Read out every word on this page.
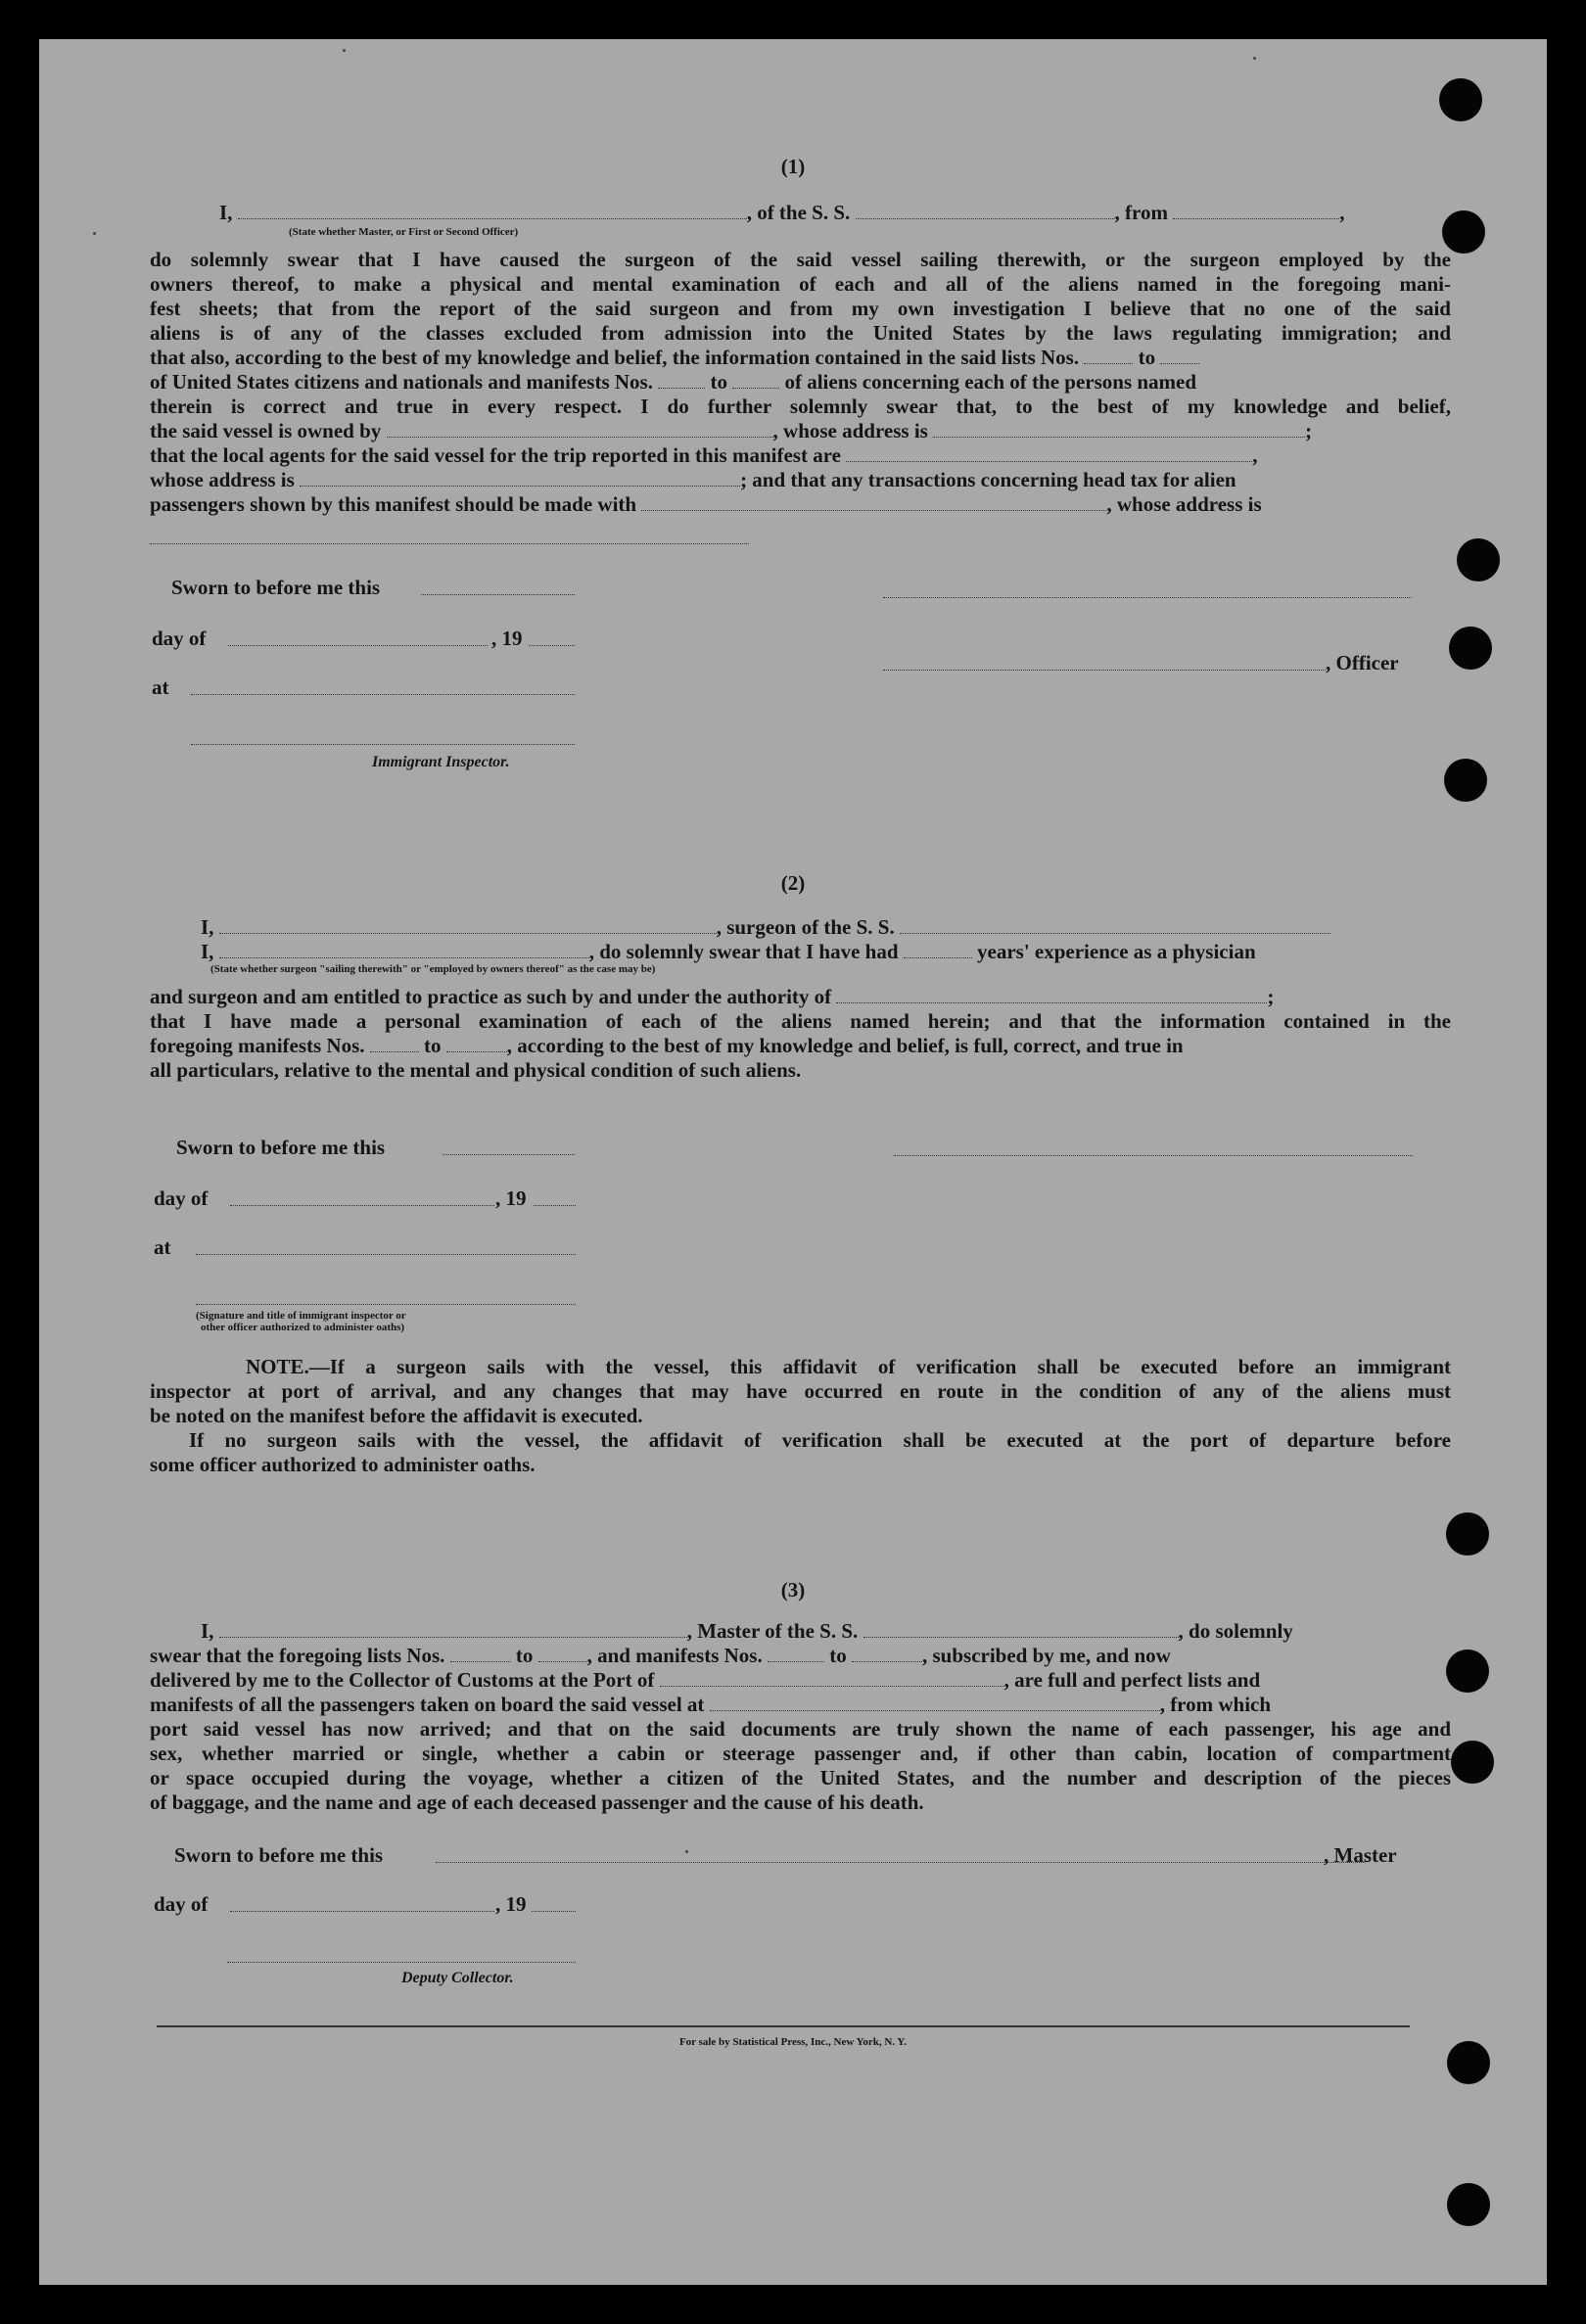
(1)
I,	, of the S. S.	, from	,
(State whether Master, or First or Second Officer)
do solemnly swear that I have caused the surgeon of the said vessel sailing therewith, or the surgeon employed by the
owners thereof, to make a physical and mental examination of each and all of the aliens named in the foregoing mani-
fest sheets; that from the report of the said surgeon and from my own investigation I believe that no one of the said
aliens is of any of the classes excluded from admission into the United States by the laws regulating immigration; and
that also, according to the best of my knowledge and belief, the information contained in the said lists Nos.	to
of United States citizens and nationals and manifests Nos.	to	of aliens concerning each of the persons named
therein is correct and true in every respect. I do further solemnly swear that, to the best of my knowledge and belief,
the said vessel is owned by	, whose address is	;
that the local agents for the said vessel for the trip reported in this manifest are	,
whose address is	; and that any transactions concerning head tax for alien
passengers shown by this manifest should be made with	, whose address is
Sworn to before me this
day of	, 19
at
Immigrant Inspector.
, Officer
(2)
I,	, surgeon of the S. S.
I,	, do solemnly swear that I have had	years' experience as a physician
(State whether surgeon "sailing therewith" or "employed by owners thereof" as the case may be)
and surgeon and am entitled to practice as such by and under the authority of	;
that I have made a personal examination of each of the aliens named herein; and that the information contained in the
foregoing manifests Nos.	to	, according to the best of my knowledge and belief, is full, correct, and true in
all particulars, relative to the mental and physical condition of such aliens.
Sworn to before me this
day of	, 19
at
(Signature and title of immigrant inspector or
other officer authorized to administer oaths)
NOTE.—If a surgeon sails with the vessel, this affidavit of verification shall be executed before an immigrant
inspector at port of arrival, and any changes that may have occurred en route in the condition of any of the aliens must
be noted on the manifest before the affidavit is executed.
If no surgeon sails with the vessel, the affidavit of verification shall be executed at the port of departure before
some officer authorized to administer oaths.
(3)
I,	, Master of the S. S.	, do solemnly
swear that the foregoing lists Nos.	to	, and manifests Nos.	to	, subscribed by me, and now
delivered by me to the Collector of Customs at the Port of	, are full and perfect lists and
manifests of all the passengers taken on board the said vessel at	, from which
port said vessel has now arrived; and that on the said documents are truly shown the name of each passenger, his age and
sex, whether married or single, whether a cabin or steerage passenger and, if other than cabin, location of compartment
or space occupied during the voyage, whether a citizen of the United States, and the number and description of the pieces
of baggage, and the name and age of each deceased passenger and the cause of his death.
Sworn to before me this	, Master
day of	, 19
Deputy Collector.
For sale by Statistical Press, Inc., New York, N. Y.
